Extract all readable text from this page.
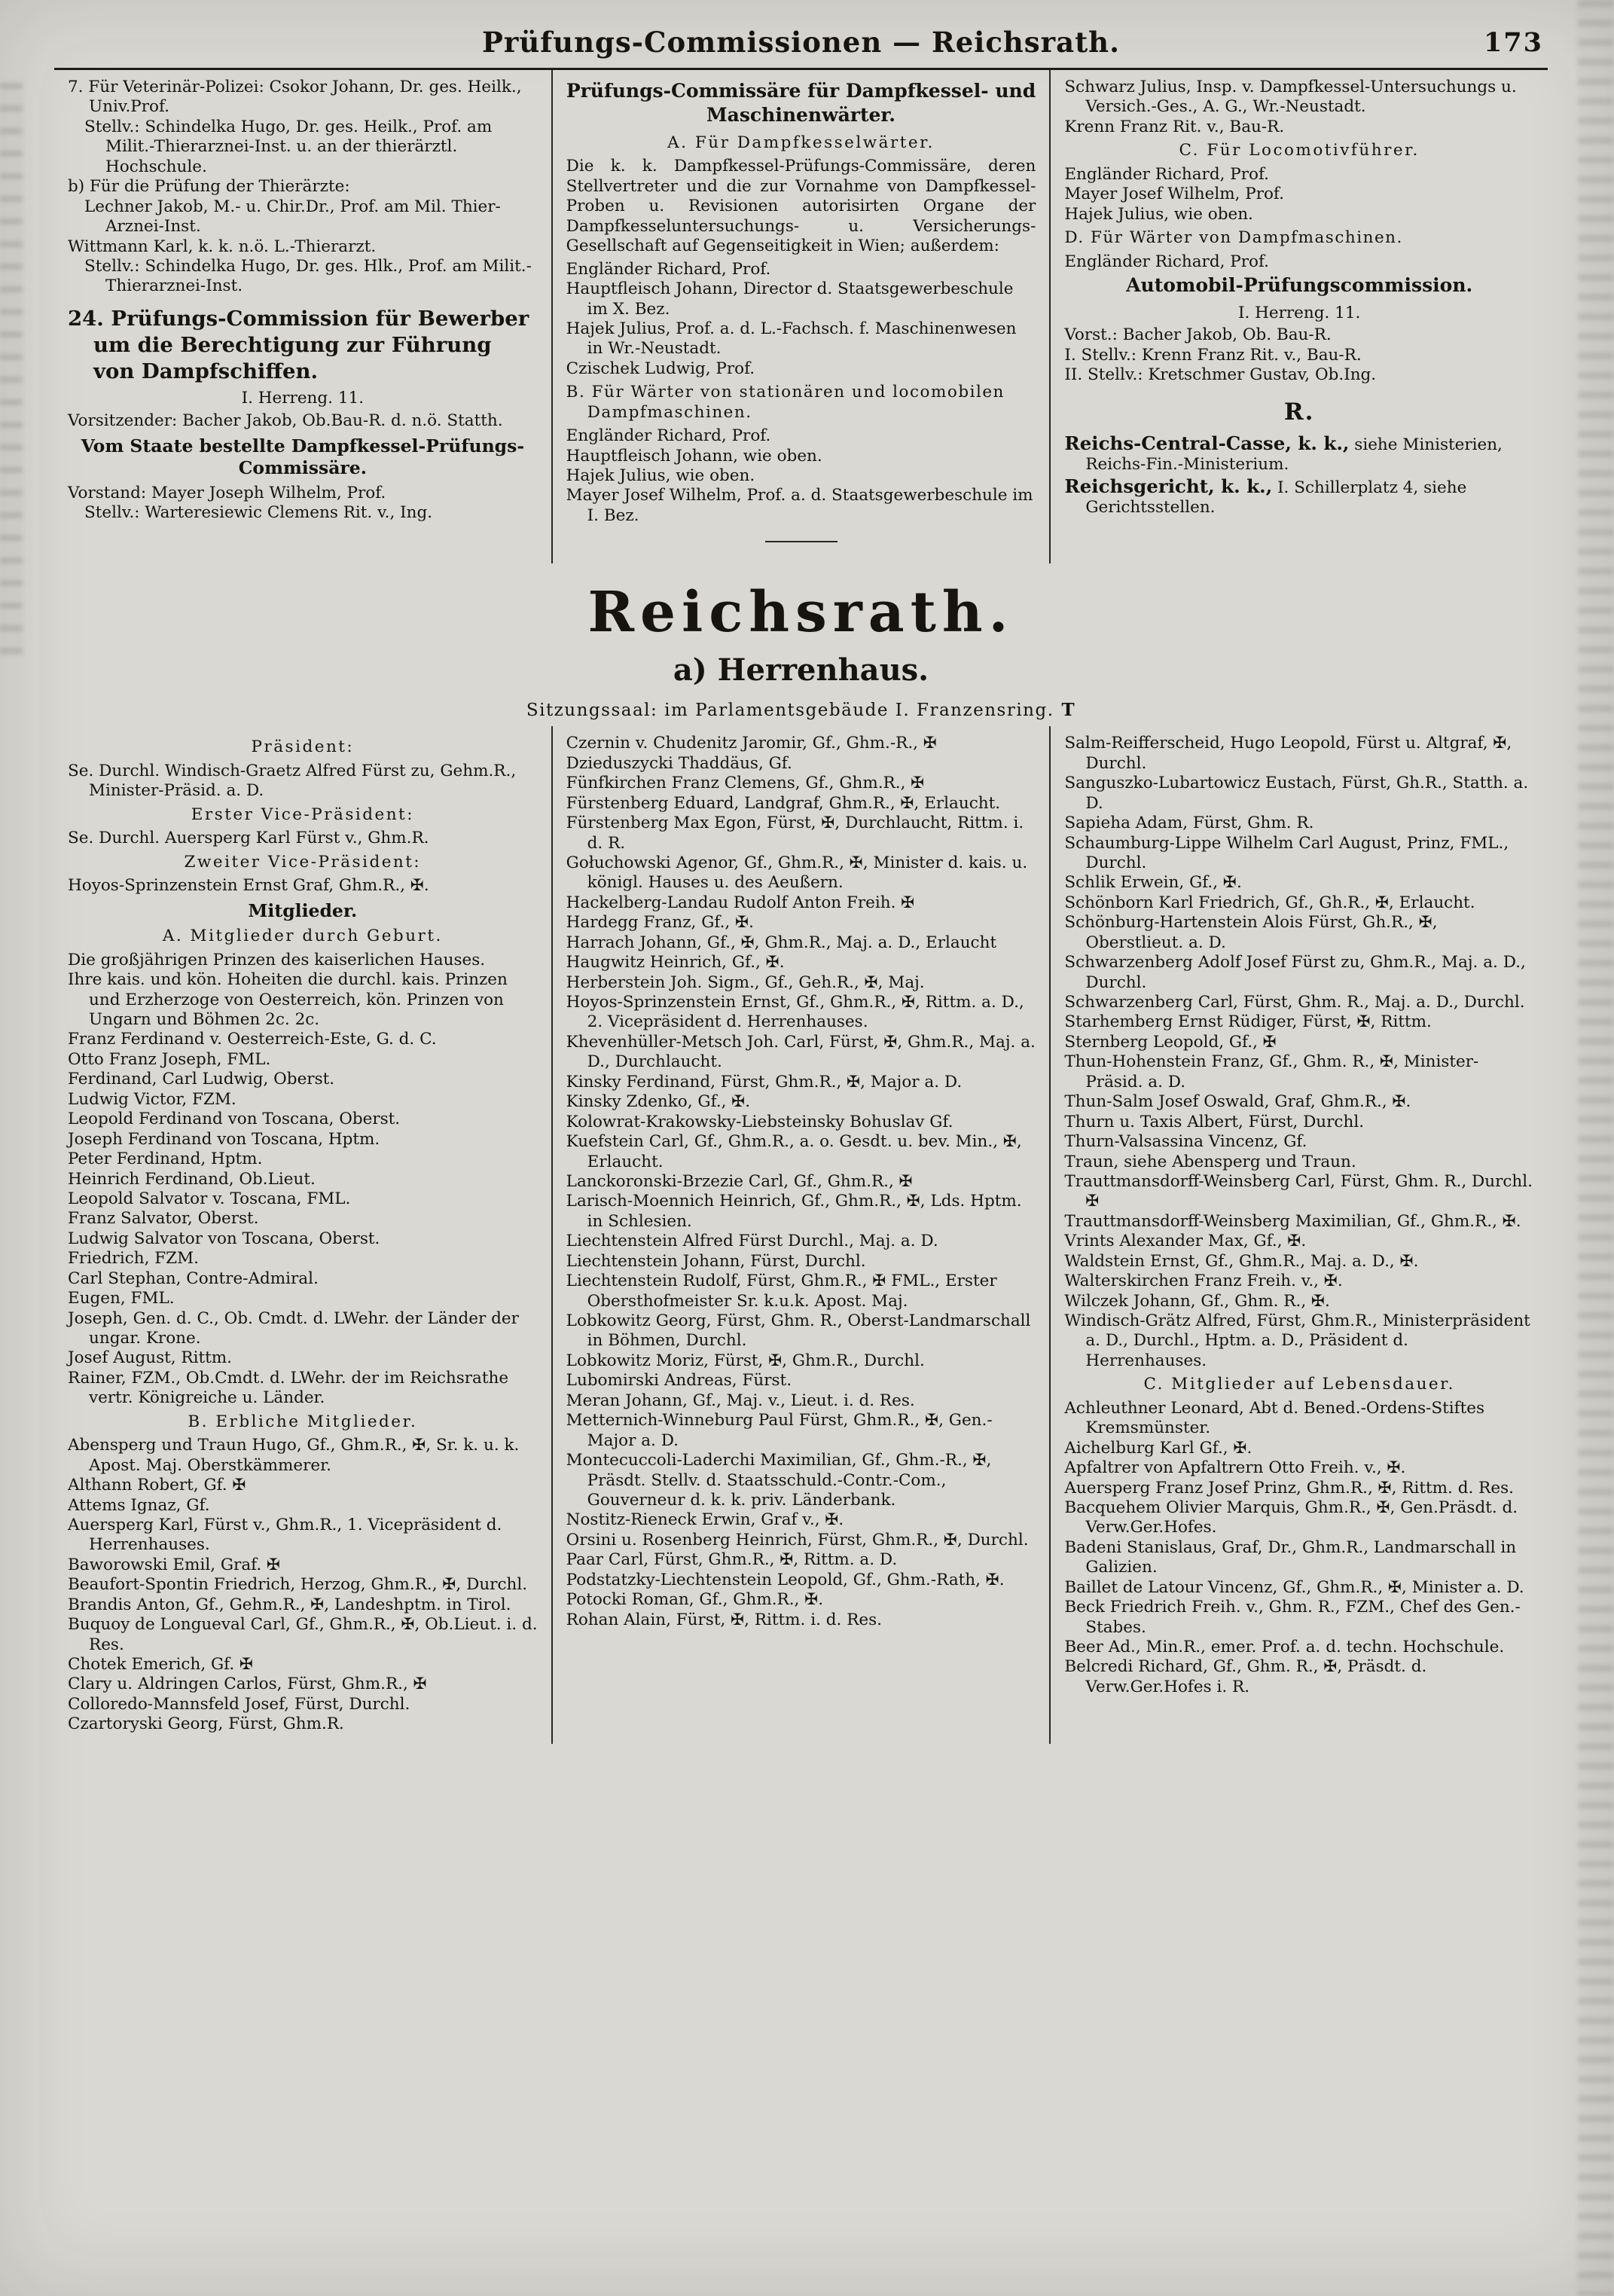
Prüfungs-Commissionen — Reichsrath.	173
7. Für Veterinär-Polizei: Csokor Johann, Dr. ges. Heilk., Univ.Prof.
Stellv.: Schindelka Hugo, Dr. ges. Heilk., Prof. am Milit.-Thierarznei-Inst. u. an der thierärztl. Hochschule.
b) Für die Prüfung der Thierärzte:
Lechner Jakob, M.- u. Chir.Dr., Prof. am Mil. Thier-Arznei-Inst.
Wittmann Karl, k. k. n.ö. L.-Thierarzt.
Stellv.: Schindelka Hugo, Dr. ges. Hlk., Prof. am Milit.-Thierarznei-Inst.
24. Prüfungs-Commission für Bewerber um die Berechtigung zur Führung von Dampfschiffen.
I. Herreng. 11.
Vorsitzender: Bacher Jakob, Ob.Bau-R. d. n.ö. Statth.
Vom Staate bestellte Dampfkessel-Prüfungs-Commissäre.
Vorstand: Mayer Joseph Wilhelm, Prof.
Stellv.: Warteresiewic Clemens Rit. v., Ing.
Prüfungs-Commissäre für Dampfkessel- und Maschinenwärter.
A. Für Dampfkesselwärter.
Die k. k. Dampfkessel-Prüfungs-Commissäre, deren Stellvertreter und die zur Vornahme von Dampfkessel-Proben u. Revisionen autorisirten Organe der Dampfkesseluntersuchungs- u. Versicherungs-Gesellschaft auf Gegenseitigkeit in Wien; außerdem:
Engländer Richard, Prof.
Hauptfleisch Johann, Director d. Staatsgewerbeschule im X. Bez.
Hajek Julius, Prof. a. d. L.-Fachsch. f. Maschinenwesen in Wr.-Neustadt.
Czischek Ludwig, Prof.
B. Für Wärter von stationären und locomobilen Dampfmaschinen.
Engländer Richard, Prof.
Hauptfleisch Johann, wie oben.
Hajek Julius, wie oben.
Mayer Josef Wilhelm, Prof. a. d. Staatsgewerbeschule im I. Bez.
Schwarz Julius, Insp. v. Dampfkessel-Untersuchungs u. Versich.-Ges., A. G., Wr.-Neustadt.
Krenn Franz Rit. v., Bau-R.
C. Für Locomotivführer.
Engländer Richard, Prof.
Mayer Josef Wilhelm, Prof.
Hajek Julius, wie oben.
D. Für Wärter von Dampfmaschinen.
Engländer Richard, Prof.
Automobil-Prüfungscommission.
I. Herreng. 11.
Vorst.: Bacher Jakob, Ob. Bau-R.
I. Stellv.: Krenn Franz Rit. v., Bau-R.
II. Stellv.: Kretschmer Gustav, Ob.Ing.
R.
Reichs-Central-Casse, k. k., siehe Ministerien, Reichs-Fin.-Ministerium.
Reichsgericht, k. k., I. Schillerplatz 4, siehe Gerichtsstellen.
Reichsrath.
a) Herrenhaus.
Sitzungssaal: im Parlamentsgebäude I. Franzensring. T
Präsident:
Se. Durchl. Windisch-Graetz Alfred Fürst zu, Gehm.R., Minister-Präsid. a. D.
Erster Vice-Präsident:
Se. Durchl. Auersperg Karl Fürst v., Ghm.R.
Zweiter Vice-Präsident:
Hoyos-Sprinzenstein Ernst Graf, Ghm.R., ✠.
Mitglieder.
A. Mitglieder durch Geburt.
Die großjährigen Prinzen des kaiserlichen Hauses.
Ihre kais. und kön. Hoheiten die durchl. kais. Prinzen und Erzherzoge von Oesterreich, kön. Prinzen von Ungarn und Böhmen 2c. 2c.
Franz Ferdinand v. Oesterreich-Este, G. d. C.
Otto Franz Joseph, FML.
Ferdinand, Carl Ludwig, Oberst.
Ludwig Victor, FZM.
Leopold Ferdinand von Toscana, Oberst.
Joseph Ferdinand von Toscana, Hptm.
Peter Ferdinand, Hptm.
Heinrich Ferdinand, Ob.Lieut.
Leopold Salvator v. Toscana, FML.
Franz Salvator, Oberst.
Ludwig Salvator von Toscana, Oberst.
Friedrich, FZM.
Carl Stephan, Contre-Admiral.
Eugen, FML.
Joseph, Gen. d. C., Ob. Cmdt. d. LWehr. der Länder der ungar. Krone.
Josef August, Rittm.
Rainer, FZM., Ob.Cmdt. d. LWehr. der im Reichsrathe vertr. Königreiche u. Länder.
B. Erbliche Mitglieder.
Abensperg und Traun Hugo, Gf., Ghm.R., ✠, Sr. k. u. k. Apost. Maj. Oberstkämmerer.
Althann Robert, Gf. ✠
Attems Ignaz, Gf.
Auersperg Karl, Fürst v., Ghm.R., 1. Vicepräsident d. Herrenhauses.
Baworowski Emil, Graf. ✠
Beaufort-Spontin Friedrich, Herzog, Ghm.R., ✠, Durchl.
Brandis Anton, Gf., Gehm.R., ✠, Landeshptm. in Tirol.
Buquoy de Longueval Carl, Gf., Ghm.R., ✠, Ob.Lieut. i. d. Res.
Chotek Emerich, Gf. ✠
Clary u. Aldringen Carlos, Fürst, Ghm.R., ✠
Colloredo-Mannsfeld Josef, Fürst, Durchl.
Czartoryski Georg, Fürst, Ghm.R.
Czernin v. Chudenitz Jaromir, Gf., Ghm.-R., ✠
Dzieduszycki Thaddäus, Gf.
Fünfkirchen Franz Clemens, Gf., Ghm.R., ✠
Fürstenberg Eduard, Landgraf, Ghm.R., ✠, Erlaucht.
Fürstenberg Max Egon, Fürst, ✠, Durchlaucht, Rittm. i. d. R.
Gołuchowski Agenor, Gf., Ghm.R., ✠, Minister d. kais. u. königl. Hauses u. des Aeußern.
Hackelberg-Landau Rudolf Anton Freih. ✠
Hardegg Franz, Gf., ✠.
Harrach Johann, Gf., ✠, Ghm.R., Maj. a. D., Erlaucht
Haugwitz Heinrich, Gf., ✠.
Herberstein Joh. Sigm., Gf., Geh.R., ✠, Maj.
Hoyos-Sprinzenstein Ernst, Gf., Ghm.R., ✠, Rittm. a. D., 2. Vicepräsident d. Herrenhauses.
Khevenhüller-Metsch Joh. Carl, Fürst, ✠, Ghm.R., Maj. a. D., Durchlaucht.
Kinsky Ferdinand, Fürst, Ghm.R., ✠, Major a. D.
Kinsky Zdenko, Gf., ✠.
Kolowrat-Krakowsky-Liebsteinsky Bohuslav Gf.
Kuefstein Carl, Gf., Ghm.R., a. o. Gesdt. u. bev. Min., ✠, Erlaucht.
Lanckoronski-Brzezie Carl, Gf., Ghm.R., ✠
Larisch-Moennich Heinrich, Gf., Ghm.R., ✠, Lds. Hptm. in Schlesien.
Liechtenstein Alfred Fürst Durchl., Maj. a. D.
Liechtenstein Johann, Fürst, Durchl.
Liechtenstein Rudolf, Fürst, Ghm.R., ✠ FML., Erster Obersthofmeister Sr. k.u.k. Apost. Maj.
Lobkowitz Georg, Fürst, Ghm. R., Oberst-Landmarschall in Böhmen, Durchl.
Lobkowitz Moriz, Fürst, ✠, Ghm.R., Durchl.
Lubomirski Andreas, Fürst.
Meran Johann, Gf., Maj. v., Lieut. i. d. Res.
Metternich-Winneburg Paul Fürst, Ghm.R., ✠, Gen.-Major a. D.
Montecuccoli-Laderchi Maximilian, Gf., Ghm.-R., ✠, Präsdt. Stellv. d. Staatsschuld.-Contr.-Com., Gouverneur d. k. k. priv. Länderbank.
Nostitz-Rieneck Erwin, Graf v., ✠.
Orsini u. Rosenberg Heinrich, Fürst, Ghm.R., ✠, Durchl.
Paar Carl, Fürst, Ghm.R., ✠, Rittm. a. D.
Podstatzky-Liechtenstein Leopold, Gf., Ghm.-Rath, ✠.
Potocki Roman, Gf., Ghm.R., ✠.
Rohan Alain, Fürst, ✠, Rittm. i. d. Res.
Salm-Reifferscheid, Hugo Leopold, Fürst u. Altgraf, ✠, Durchl.
Sanguszko-Lubartowicz Eustach, Fürst, Gh.R., Statth. a. D.
Sapieha Adam, Fürst, Ghm. R.
Schaumburg-Lippe Wilhelm Carl August, Prinz, FML., Durchl.
Schlik Erwein, Gf., ✠.
Schönborn Karl Friedrich, Gf., Gh.R., ✠, Erlaucht.
Schönburg-Hartenstein Alois Fürst, Gh.R., ✠, Oberstlieut. a. D.
Schwarzenberg Adolf Josef Fürst zu, Ghm.R., Maj. a. D., Durchl.
Schwarzenberg Carl, Fürst, Ghm. R., Maj. a. D., Durchl.
Starhemberg Ernst Rüdiger, Fürst, ✠, Rittm.
Sternberg Leopold, Gf., ✠
Thun-Hohenstein Franz, Gf., Ghm. R., ✠, Minister-Präsid. a. D.
Thun-Salm Josef Oswald, Graf, Ghm.R., ✠.
Thurn u. Taxis Albert, Fürst, Durchl.
Thurn-Valsassina Vincenz, Gf.
Traun, siehe Abensperg und Traun.
Trauttmansdorff-Weinsberg Carl, Fürst, Ghm. R., Durchl. ✠
Trauttmansdorff-Weinsberg Maximilian, Gf., Ghm.R., ✠.
Vrints Alexander Max, Gf., ✠.
Waldstein Ernst, Gf., Ghm.R., Maj. a. D., ✠.
Walterskirchen Franz Freih. v., ✠.
Wilczek Johann, Gf., Ghm. R., ✠.
Windisch-Grätz Alfred, Fürst, Ghm.R., Ministerpräsident a. D., Durchl., Hptm. a. D., Präsident d. Herrenhauses.
C. Mitglieder auf Lebensdauer.
Achleuthner Leonard, Abt d. Bened.-Ordens-Stiftes Kremsmünster.
Aichelburg Karl Gf., ✠.
Apfaltrer von Apfaltrern Otto Freih. v., ✠.
Auersperg Franz Josef Prinz, Ghm.R., ✠, Rittm. d. Res.
Bacquehem Olivier Marquis, Ghm.R., ✠, Gen.Präsdt. d. Verw.Ger.Hofes.
Badeni Stanislaus, Graf, Dr., Ghm.R., Landmarschall in Galizien.
Baillet de Latour Vincenz, Gf., Ghm.R., ✠, Minister a. D.
Beck Friedrich Freih. v., Ghm. R., FZM., Chef des Gen.-Stabes.
Beer Ad., Min.R., emer. Prof. a. d. techn. Hochschule.
Belcredi Richard, Gf., Ghm. R., ✠, Präsdt. d. Verw.Ger.Hofes i. R.
